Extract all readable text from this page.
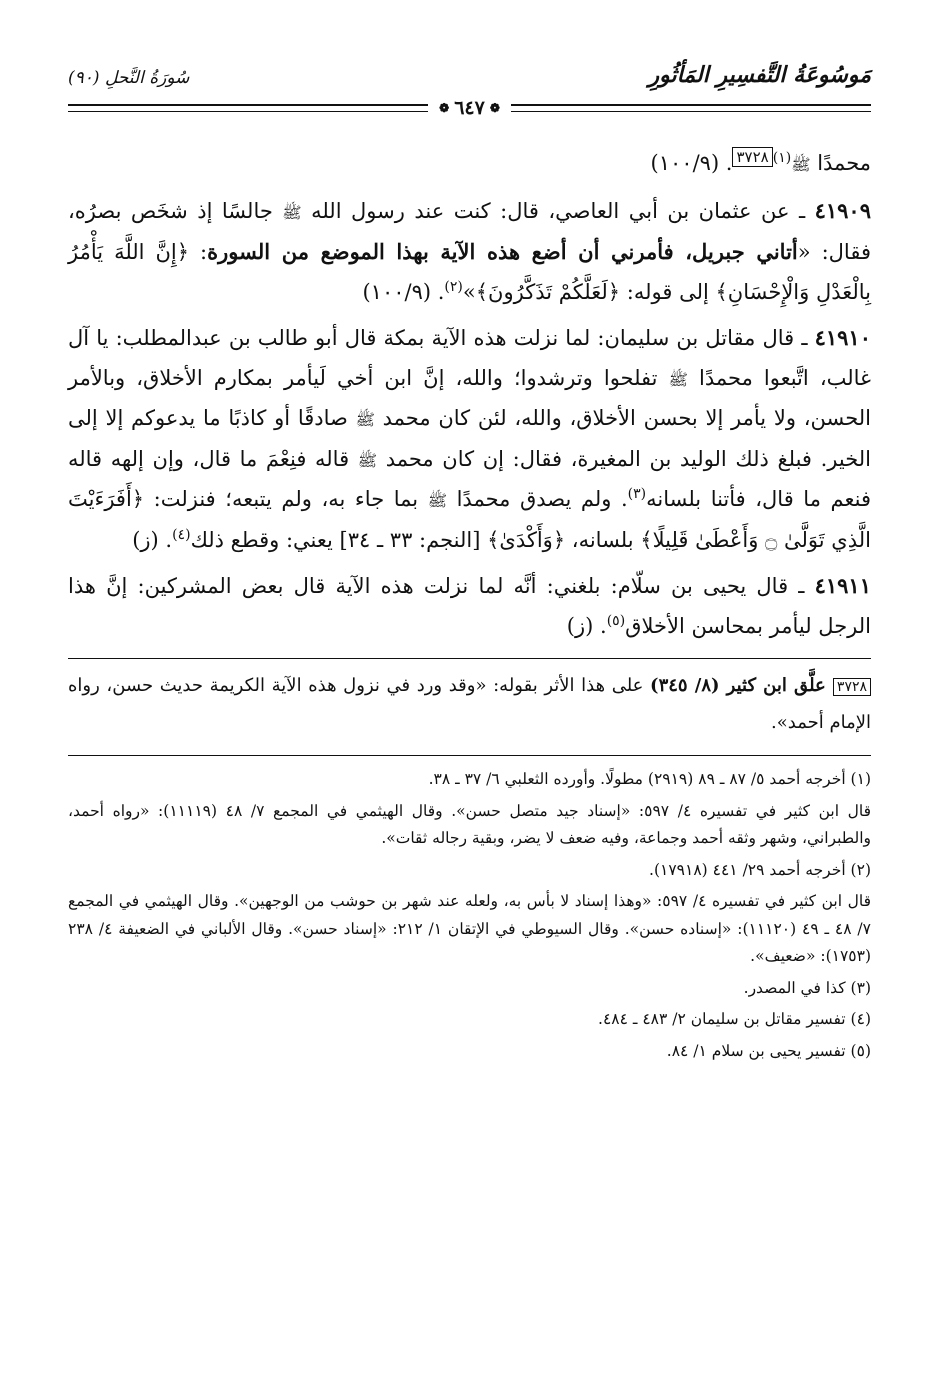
مَوسُوعَةُ التَّفسِيرِ المَأثُورِ
سُورَةُ النَّحلِ (٩٠)
❁
٦٤٧
❁

محمدًا ﷺ$^{(١)٣٧٢٨}$. (١٠٠/٩)

٤١٩٠٩ ـ عن عثمان بن أبي العاصي، قال: كنت عند رسول الله ﷺ جالسًا إذ شخَص بصرُه، فقال: «أتاني جبريل، فأمرني أن أضع هذه الآية بهذا الموضع من السورة: ﴿إِنَّ اللَّهَ يَأْمُرُ بِالْعَدْلِ وَالْإِحْسَانِ﴾ إلى قوله: ﴿لَعَلَّكُمْ تَذَكَّرُونَ﴾»$^{(٢)}$. (١٠٠/٩)

٤١٩١٠ ـ قال مقاتل بن سليمان: لما نزلت هذه الآية بمكة قال أبو طالب بن عبدالمطلب: يا آل غالب، اتَّبعوا محمدًا ﷺ تفلحوا وترشدوا؛ والله، إنَّ ابن أخي لَيأمر بمكارم الأخلاق، وبالأمر الحسن، ولا يأمر إلا بحسن الأخلاق، والله، لئن كان محمد ﷺ صادقًا أو كاذبًا ما يدعوكم إلا إلى الخير. فبلغ ذلك الوليد بن المغيرة، فقال: إن كان محمد ﷺ قاله فنِعْمَ ما قال، وإن إلهه قاله فنعم ما قال، فأتنا بلسانه$^{(٣)}$. ولم يصدق محمدًا ﷺ بما جاء به، ولم يتبعه؛ فنزلت: ﴿أَفَرَءَيْتَ الَّذِي تَوَلَّىٰ ۝ وَأَعْطَىٰ قَلِيلًا﴾ بلسانه، ﴿وَأَكْدَىٰ﴾ [النجم: ٣٣ ـ ٣٤] يعني: وقطع ذلك$^{(٤)}$. (ز)

٤١٩١١ ـ قال يحيى بن سلّام: بلغني: أنَّه لما نزلت هذه الآية قال بعض المشركين: إنَّ هذا الرجل ليأمر بمحاسن الأخلاق$^{(٥)}$. (ز)

٣٧٢٨ علَّق ابن كثير (٨/ ٣٤٥) على هذا الأثر بقوله: «وقد ورد في نزول هذه الآية الكريمة حديث حسن، رواه الإمام أحمد».

(١) أخرجه أحمد ٥/ ٨٧ ـ ٨٩ (٢٩١٩) مطولًا. وأورده الثعلبي ٦/ ٣٧ ـ ٣٨.

قال ابن كثير في تفسيره ٤/ ٥٩٧: «إسناد جيد متصل حسن». وقال الهيثمي في المجمع ٧/ ٤٨ (١١١١٩): «رواه أحمد، والطبراني، وشهر وثقه أحمد وجماعة، وفيه ضعف لا يضر، وبقية رجاله ثقات».

(٢) أخرجه أحمد ٢٩/ ٤٤١ (١٧٩١٨).

قال ابن كثير في تفسيره ٤/ ٥٩٧: «وهذا إسناد لا بأس به، ولعله عند شهر بن حوشب من الوجهين». وقال الهيثمي في المجمع ٧/ ٤٨ ـ ٤٩ (١١١٢٠): «إسناده حسن». وقال السيوطي في الإتقان ١/ ٢١٢: «إسناد حسن». وقال الألباني في الضعيفة ٤/ ٢٣٨ (١٧٥٣): «ضعيف».

(٣) كذا في المصدر.

(٤) تفسير مقاتل بن سليمان ٢/ ٤٨٣ ـ ٤٨٤.

(٥) تفسير يحيى بن سلام ١/ ٨٤.
